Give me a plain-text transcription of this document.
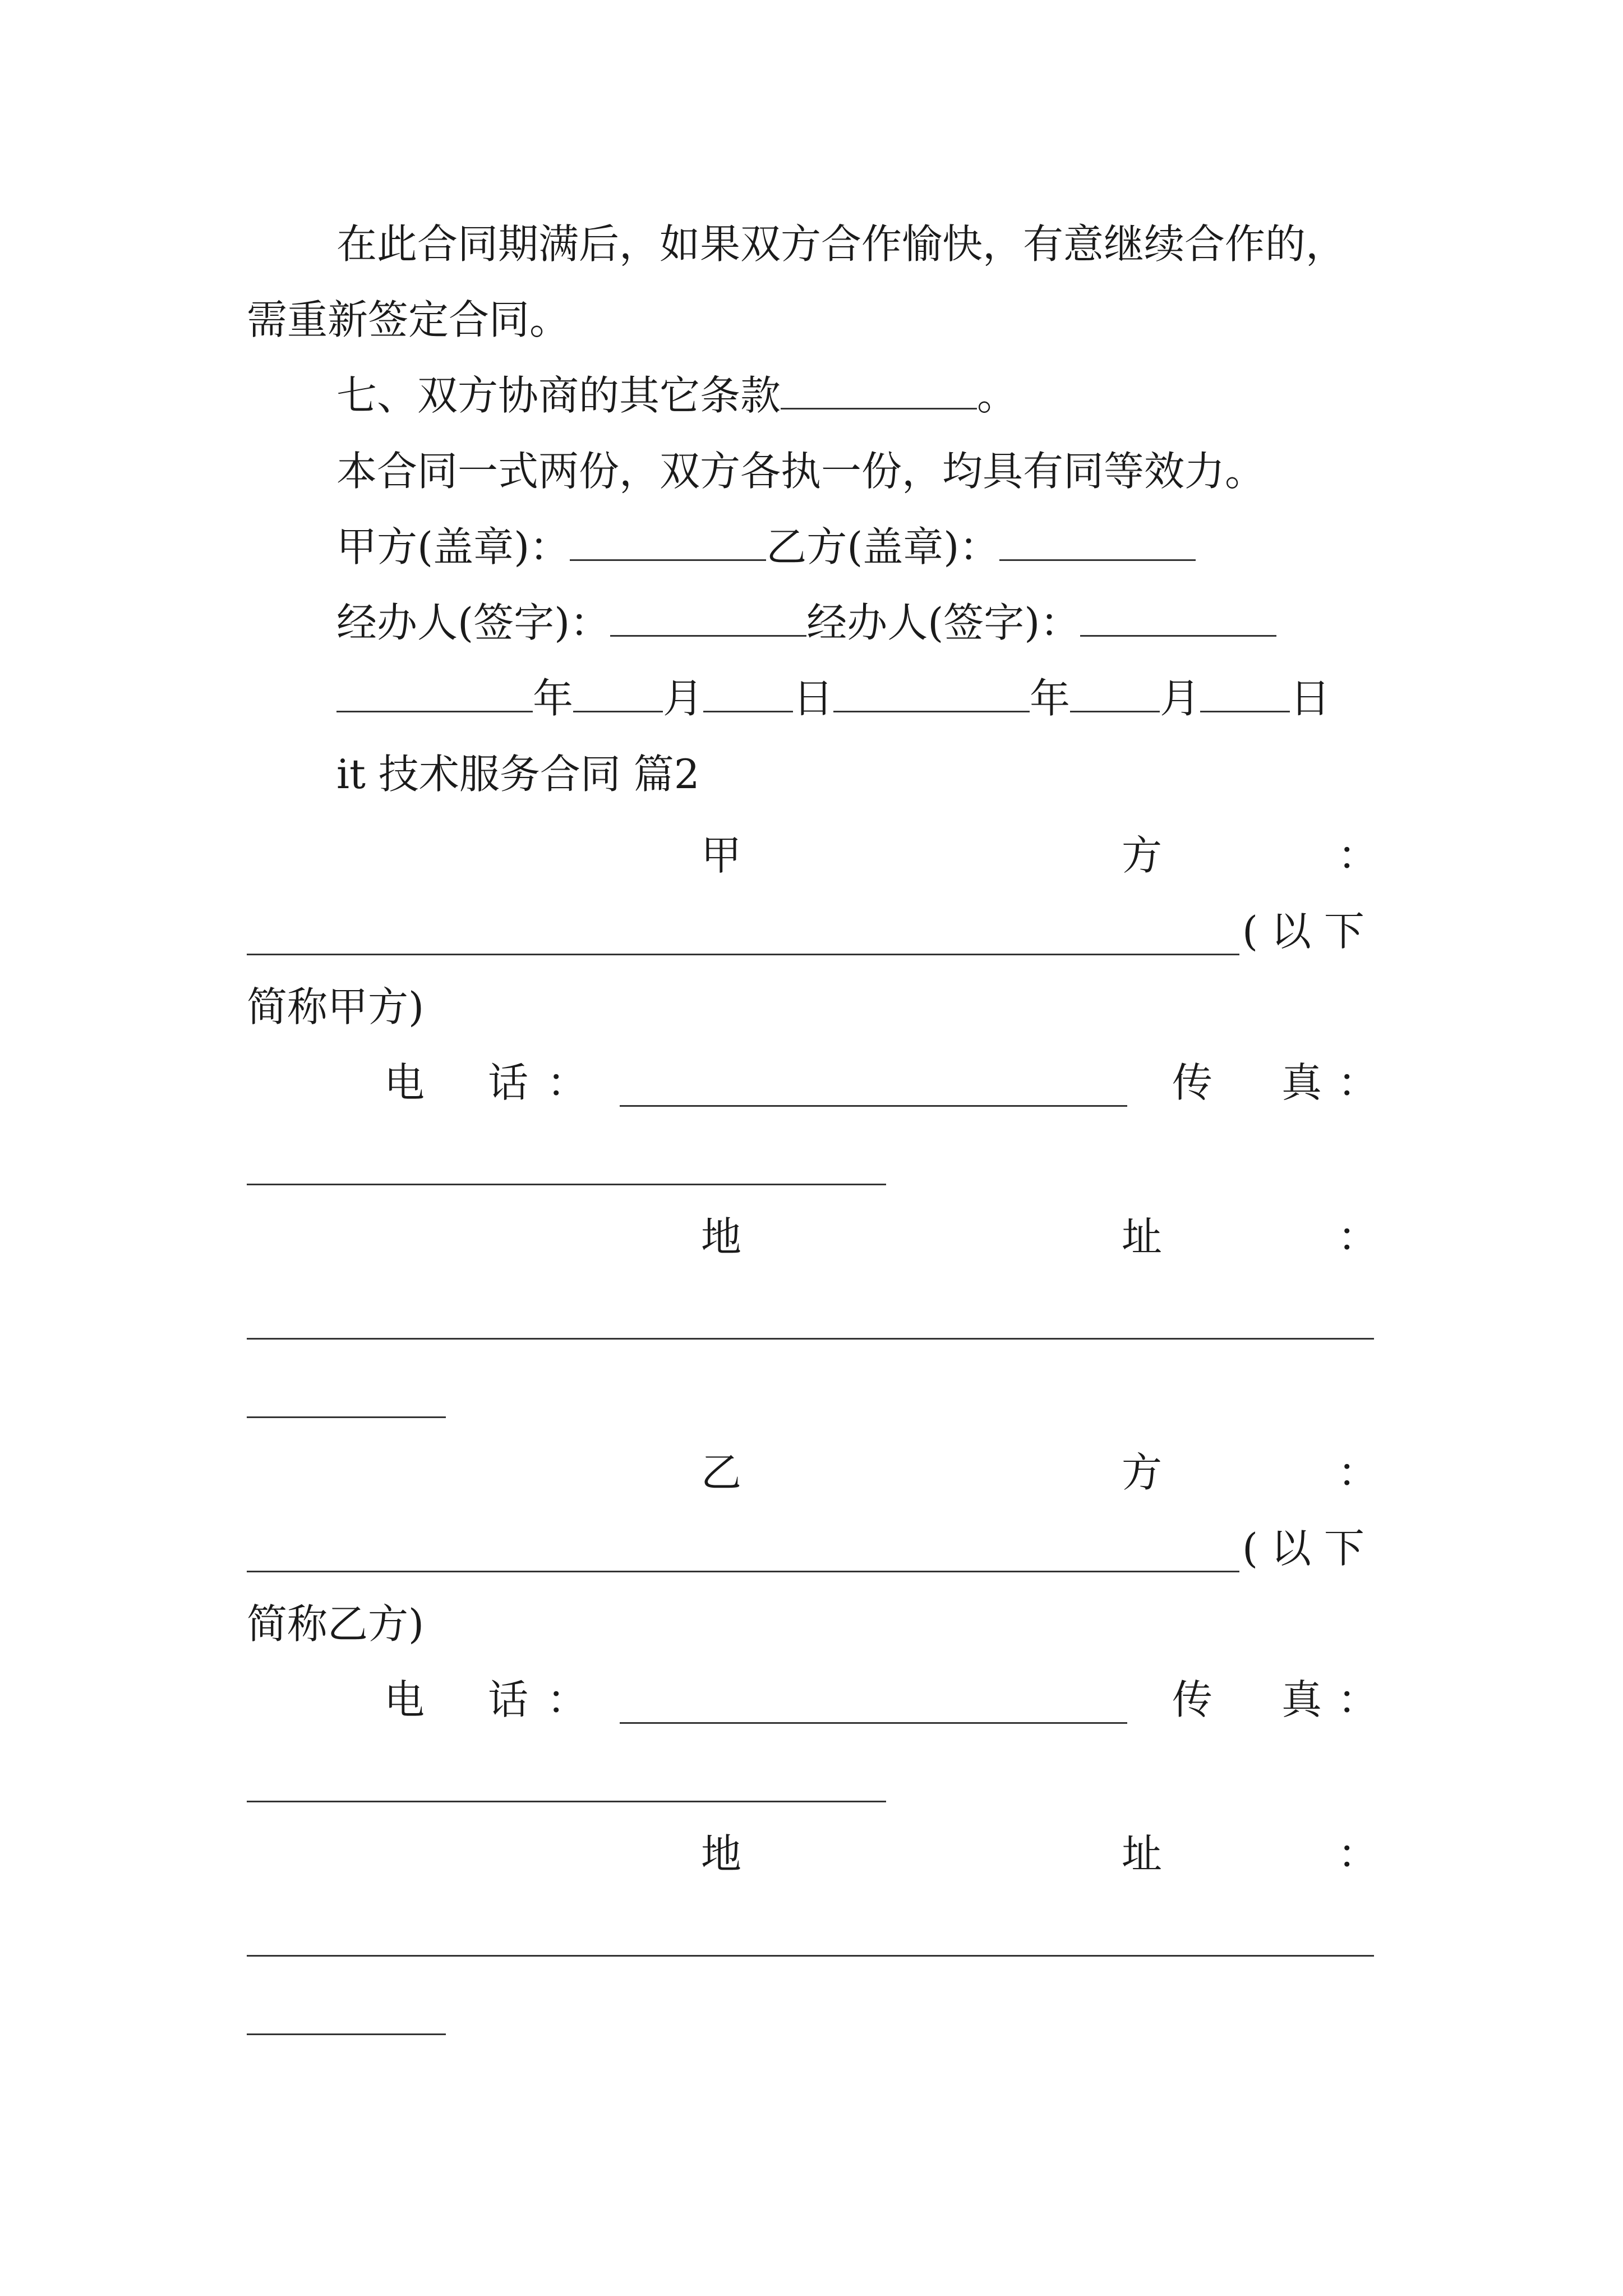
在此合同期满后，如果双方合作愉快，有意继续合作的，
需重新签定合同。
七、双方协商的其它条款	。
本合同一式两份，双方各执一份，均具有同等效力。
甲方(盖章)：	乙方(盖章)：
经办人(签字)：	经办人(签字)：
年 月 日	年 月 日
it 技术服务合同 篇2
甲	方	：
( 以 下
简称甲方)
电 话 ：	传 真 ：
地	址	：
乙	方	：
( 以 下
简称乙方)
电 话 ：	传 真 ：
地	址	：
